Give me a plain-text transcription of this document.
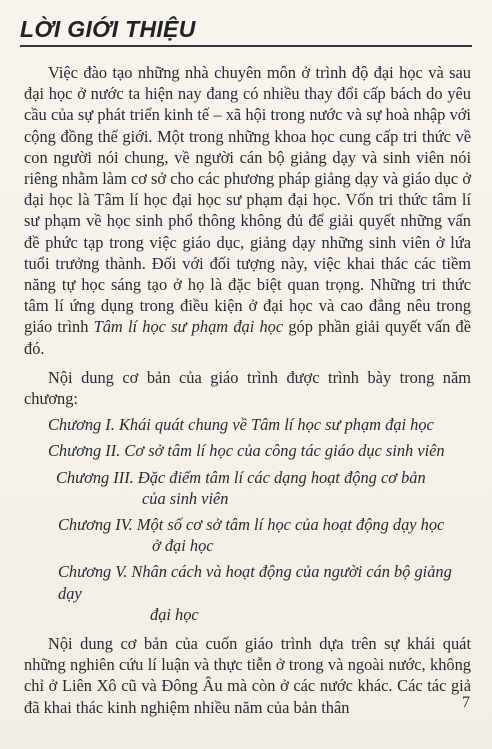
LỜI GIỚI THIỆU

Việc đào tạo những nhà chuyên môn ở trình độ đại học và sau đại học ở nước ta hiện nay đang có nhiều thay đổi cấp bách do yêu cầu của sự phát triển kinh tế – xã hội trong nước và sự hoà nhập với cộng đồng thế giới. Một trong những khoa học cung cấp tri thức về con người nói chung, về người cán bộ giảng dạy và sinh viên nói riêng nhằm làm cơ sở cho các phương pháp giảng dạy và giáo dục ở đại học là Tâm lí học đại học sư phạm đại học. Vốn tri thức tâm lí sư phạm về học sinh phổ thông không đủ để giải quyết những vấn đề phức tạp trong việc giáo dục, giảng dạy những sinh viên ở lứa tuổi trưởng thành. Đối với đối tượng này, việc khai thác các tiềm năng tự học sáng tạo ở họ là đặc biệt quan trọng. Những tri thức tâm lí ứng dụng trong điều kiện ở đại học và cao đẳng nêu trong giáo trình Tâm lí học sư phạm đại học góp phần giải quyết vấn đề đó.

Nội dung cơ bản của giáo trình được trình bày trong năm chương:

Chương I. Khái quát chung về Tâm lí học sư phạm đại học

Chương II. Cơ sở tâm lí học của công tác giáo dục sinh viên

Chương III. Đặc điểm tâm lí các dạng hoạt động cơ bản
của sinh viên

Chương IV. Một số cơ sở tâm lí học của hoạt động dạy học
ở đại học

Chương V. Nhân cách và hoạt động của người cán bộ giảng dạy
đại học

Nội dung cơ bản của cuốn giáo trình dựa trên sự khái quát những nghiên cứu lí luận và thực tiễn ở trong và ngoài nước, không chỉ ở Liên Xô cũ và Đông Âu mà còn ở các nước khác. Các tác giả đã khai thác kinh nghiệm nhiều năm của bản thân	7
